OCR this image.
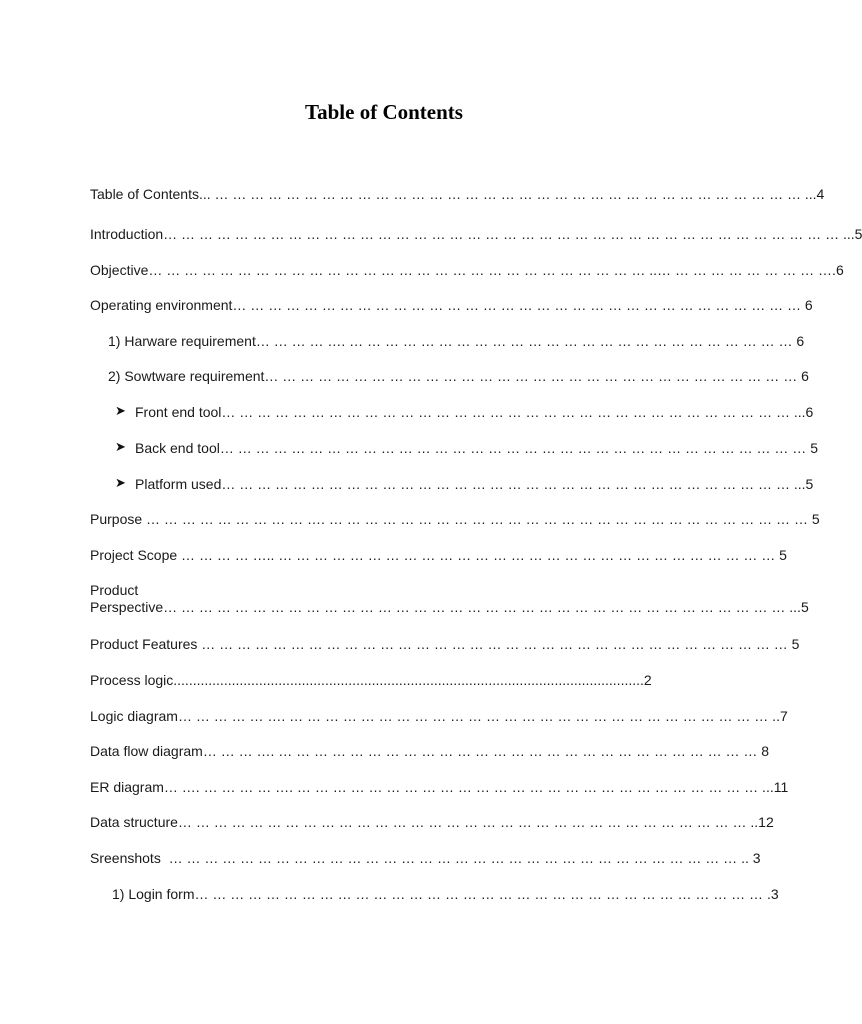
Table of Contents
Table of Contents... … … … … … … … … … … … … … … … … … … … … … … … … … … … … … … … … … ...4
Introduction… … … … … … … … … … … … … … … … … … … … … … … … … … … … … … … … … … … … … … ...5
Objective… … … … … … … … … … … … … … … … … … … … … … … … … … … … ..… … … … … … … … … ….6
Operating environment… … … … … … … … … … … … … … … … … … … … … … … … … … … … … … … … 6
1) Harware requirement… … … … …. … … … … … … … … … … … … … … … … … … … … … … … … … 6
2) Sowtware requirement… … … … … … … … … … … … … … … … … … … … … … … … … … … … … … 6
➤ Front end tool… … … … … … … … … … … … … … … … … … … … … … … … … … … … … … … … ...6
➤ Back end tool… … … … … … … … … … … … … … … … … … … … … … … … … … … … … … … … … 5
➤ Platform used… … … … … … … … … … … … … … … … … … … … … … … … … … … … … … … … ...5
Purpose … … … … … … … … … …. … … … … … … … … … … … … … … … … … … … … … … … … … … … 5
Project Scope … … … … ….. … … … … … … … … … … … … … … … … … … … … … … … … … … … … 5
Product
Perspective… … … … … … … … … … … … … … … … … … … … … … … … … … … … … … … … … … … ...5
Product Features … … … … … … … … … … … … … … … … … … … … … … … … … … … … … … … … … 5
Process logic.........................................................................................................................2
Logic diagram… … … … … …. … … … … … … … … … … … … … … … … … … … … … … … … … … … ..7
Data flow diagram… … … …. … … … … … … … … … … … … … … … … … … … … … … … … … … … 8
ER diagram… …. … … … … …. … … … … … … … … … … … … … … … … … … … … … … … … … … ...11
Data structure… … … … … … … … … … … … … … … … … … … … … … … … … … … … … … … … ..12
Sreenshots  … … … … … … … … … … … … … … … … … … … … … … … … … … … … … … … … .. 3
1) Login form… … … … … … … … … … … … … … … … … … … … … … … … … … … … … … … … .3
